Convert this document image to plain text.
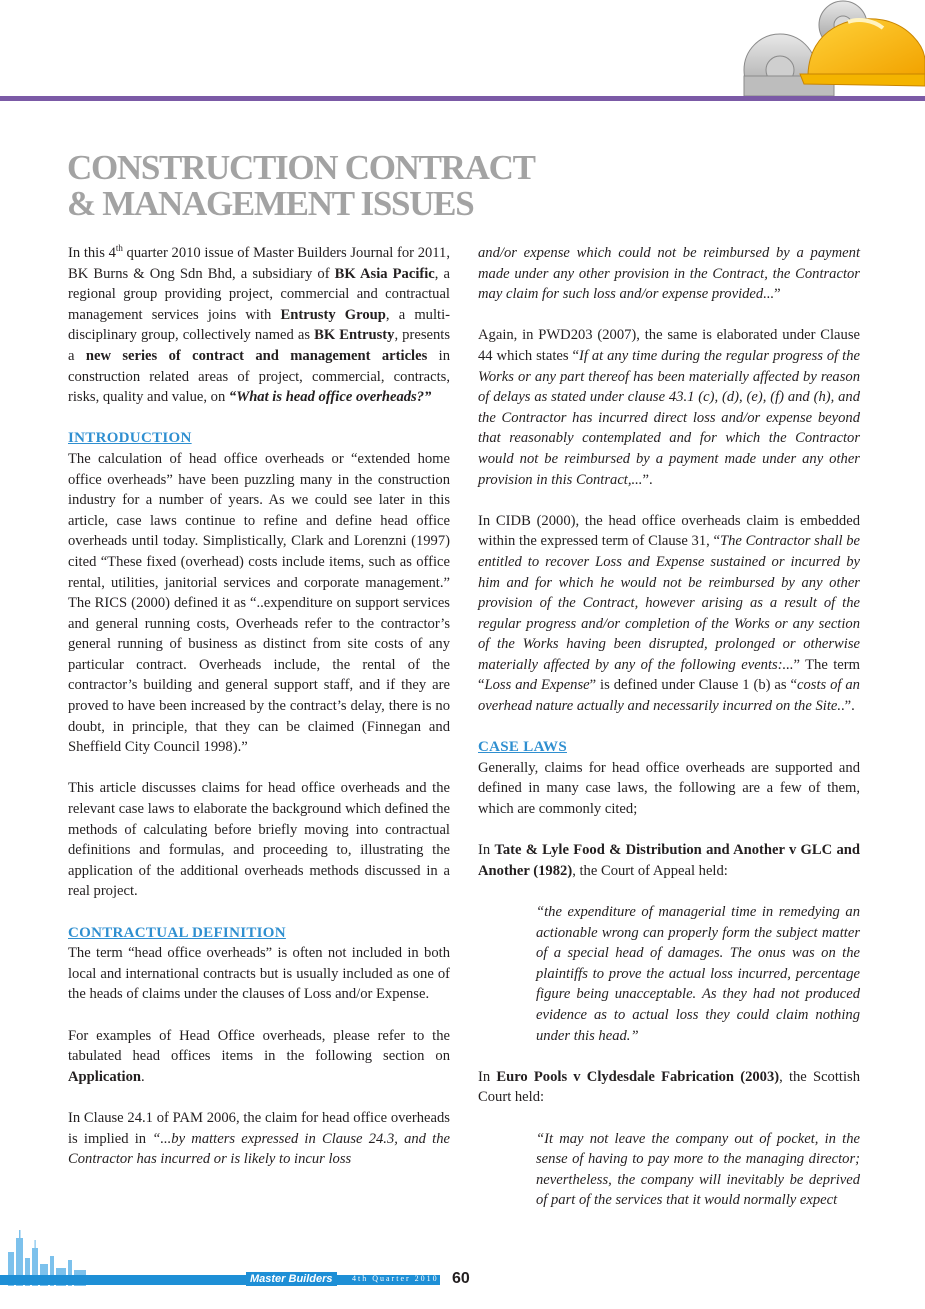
CONSTRUCTION CONTRACT
& MANAGEMENT ISSUES

In this 4th quarter 2010 issue of Master Builders Journal for 2011, BK Burns & Ong Sdn Bhd, a subsidiary of BK Asia Pacific, a regional group providing project, commercial and contractual management services joins with Entrusty Group, a multi-disciplinary group, collectively named as BK Entrusty, presents a new series of contract and management articles in construction related areas of project, commercial, contracts, risks, quality and value, on “What is head office overheads?”

INTRODUCTION

The calculation of head office overheads or “extended home office overheads” have been puzzling many in the construction industry for a number of years. As we could see later in this article, case laws continue to refine and define head office overheads until today. Simplistically, Clark and Lorenzni (1997) cited “These fixed (overhead) costs include items, such as office rental, utilities, janitorial services and corporate management.” The RICS (2000) defined it as “..expenditure on support services and general running costs, Overheads refer to the contractor’s general running of business as distinct from site costs of any particular contract. Overheads include, the rental of the contractor’s building and general support staff, and if they are proved to have been increased by the contract’s delay, there is no doubt, in principle, that they can be claimed (Finnegan and Sheffield City Council 1998).”

This article discusses claims for head office overheads and the relevant case laws to elaborate the background which defined the methods of calculating before briefly moving into contractual definitions and formulas, and proceeding to, illustrating the application of the additional overheads methods discussed in a real project.

CONTRACTUAL DEFINITION

The term “head office overheads” is often not included in both local and international contracts but is usually included as one of the heads of claims under the clauses of Loss and/or Expense.

For examples of Head Office overheads, please refer to the tabulated head offices items in the following section on Application.

In Clause 24.1 of PAM 2006, the claim for head office overheads is implied in “...by matters expressed in Clause 24.3, and the Contractor has incurred or is likely to incur loss

and/or expense which could not be reimbursed by a payment made under any other provision in the Contract, the Contractor may claim for such loss and/or expense provided...”

Again, in PWD203 (2007), the same is elaborated under Clause 44 which states “If at any time during the regular progress of the Works or any part thereof has been materially affected by reason of delays as stated under clause 43.1 (c), (d), (e), (f) and (h), and the Contractor has incurred direct loss and/or expense beyond that reasonably contemplated and for which the Contractor would not be reimbursed by a payment made under any other provision in this Contract,...”.

In CIDB (2000), the head office overheads claim is embedded within the expressed term of Clause 31, “The Contractor shall be entitled to recover Loss and Expense sustained or incurred by him and for which he would not be reimbursed by any other provision of the Contract, however arising as a result of the regular progress and/or completion of the Works or any section of the Works having been disrupted, prolonged or otherwise materially affected by any of the following events:...” The term “Loss and Expense” is defined under Clause 1 (b) as “costs of an overhead nature actually and necessarily incurred on the Site..”.

CASE LAWS

Generally, claims for head office overheads are supported and defined in many case laws, the following are a few of them, which are commonly cited;

In Tate & Lyle Food & Distribution and Another v GLC and Another (1982), the Court of Appeal held:

“the expenditure of managerial time in remedying an actionable wrong can properly form the subject matter of a special head of damages. The onus was on the plaintiffs to prove the actual loss incurred, percentage figure being unacceptable. As they had not produced evidence as to actual loss they could claim nothing under this head.”

In Euro Pools v Clydesdale Fabrication (2003), the Scottish Court held:

“It may not leave the company out of pocket, in the sense of having to pay more to the managing director; nevertheless, the company will inevitably be deprived of part of the services that it would normally expect
Master Builders	4th Quarter 2010 60
